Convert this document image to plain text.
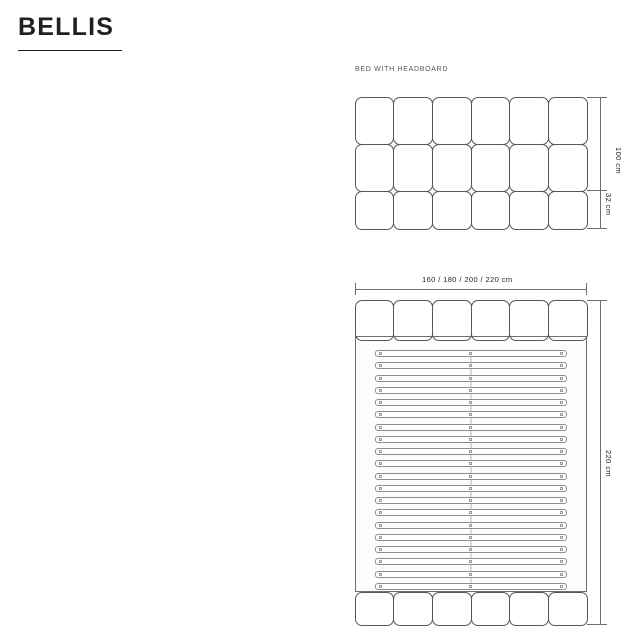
BELLIS
BED WITH HEADBOARD
100 cm
32 cm
160 / 180 / 200 / 220 cm
220 cm
